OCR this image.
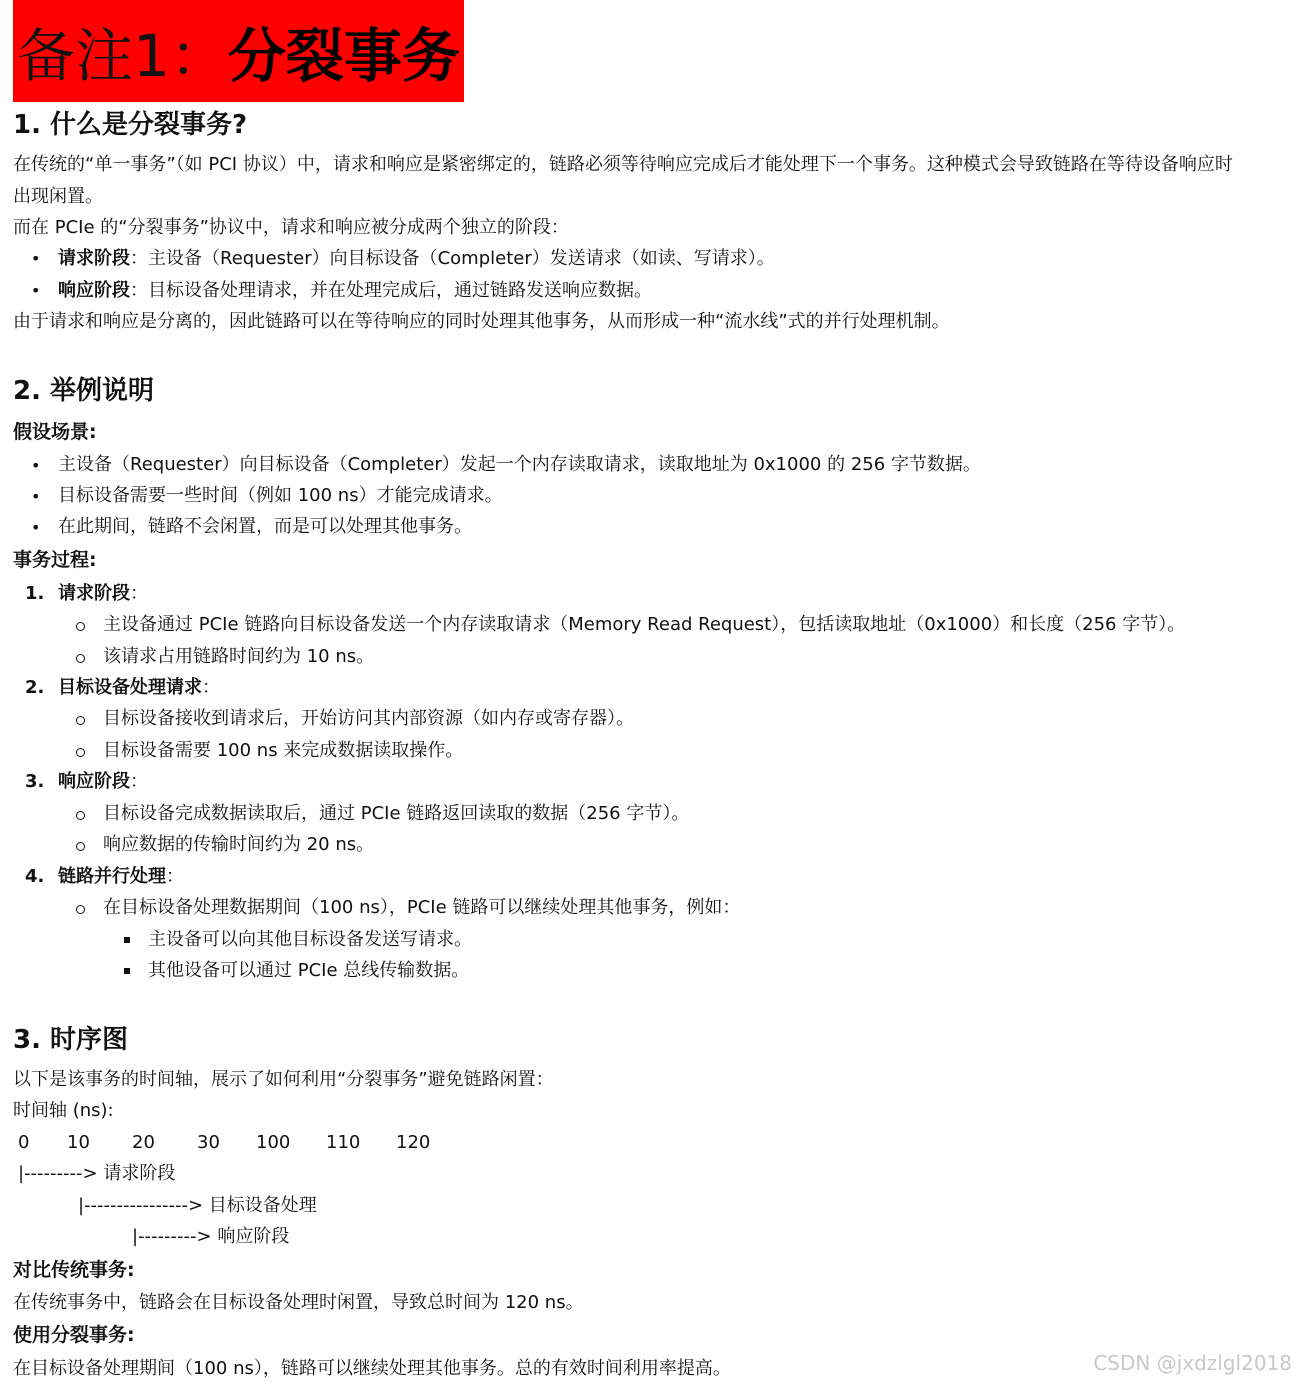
备注1： 分裂事务
1. 什么是分裂事务?
在传统的“单一事务”（如 PCI 协议）中，请求和响应是紧密绑定的，链路必须等待响应完成后才能处理下一个事务。这种模式会导致链路在等待设备响应时
出现闲置。
而在 PCIe 的“分裂事务”协议中，请求和响应被分成两个独立的阶段：
• 请求阶段：主设备（Requester）向目标设备（Completer）发送请求（如读、写请求）。
• 响应阶段：目标设备处理请求，并在处理完成后，通过链路发送响应数据。
由于请求和响应是分离的，因此链路可以在等待响应的同时处理其他事务，从而形成一种“流水线”式的并行处理机制。
2. 举例说明
假设场景:
• 主设备（Requester）向目标设备（Completer）发起一个内存读取请求，读取地址为 0x1000 的 256 字节数据。
• 目标设备需要一些时间（例如 100 ns）才能完成请求。
• 在此期间，链路不会闲置，而是可以处理其他事务。
事务过程:
1. 请求阶段：
主设备通过 PCIe 链路向目标设备发送一个内存读取请求（Memory Read Request），包括读取地址（0x1000）和长度（256 字节）。
该请求占用链路时间约为 10 ns。
2. 目标设备处理请求：
目标设备接收到请求后，开始访问其内部资源（如内存或寄存器）。
目标设备需要 100 ns 来完成数据读取操作。
3. 响应阶段：
目标设备完成数据读取后，通过 PCIe 链路返回读取的数据（256 字节）。
响应数据的传输时间约为 20 ns。
4. 链路并行处理：
在目标设备处理数据期间（100 ns），PCIe 链路可以继续处理其他事务，例如：
主设备可以向其他目标设备发送写请求。
其他设备可以通过 PCIe 总线传输数据。
3. 时序图
以下是该事务的时间轴，展示了如何利用“分裂事务”避免链路闲置：
时间轴 (ns):
0 10 20 30 100 110 120
|---------> 请求阶段
|----------------> 目标设备处理
|---------> 响应阶段
对比传统事务:
在传统事务中，链路会在目标设备处理时闲置，导致总时间为 120 ns。
使用分裂事务:
在目标设备处理期间（100 ns），链路可以继续处理其他事务。总的有效时间利用率提高。	CSDN @jxdzlgl2018
